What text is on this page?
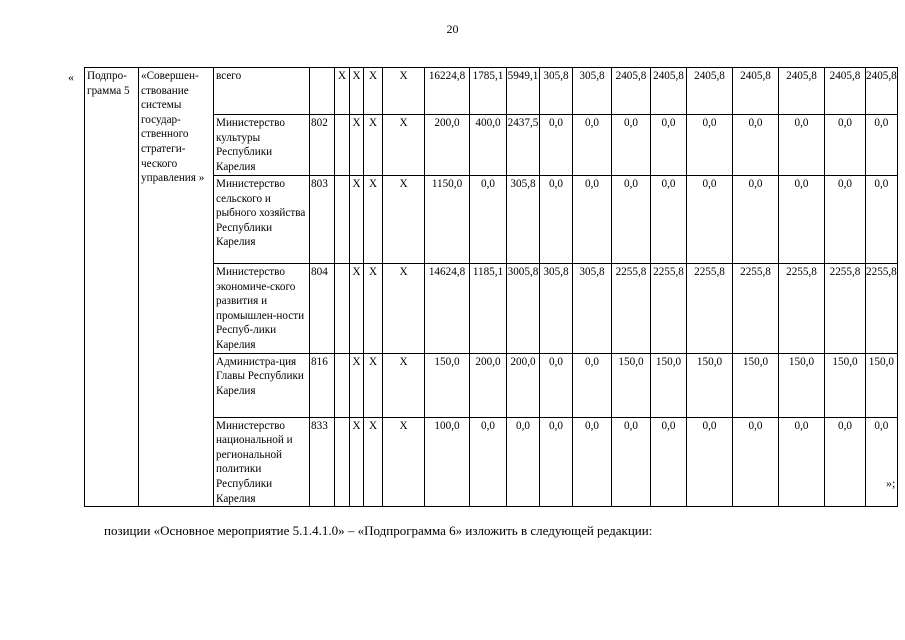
20
« Подпро-грамма 5	«Совершен-ствование системы государ-ственного стратеги-ческого управления »	всего		Х	Х	Х	Х	16224,8	1785,1	5949,1	305,8	305,8	2405,8	2405,8	2405,8	2405,8	2405,8	2405,8	2405,8
		Министерство культуры Республики Карелия	802		Х	Х	Х	200,0	400,0	2437,5	0,0	0,0	0,0	0,0	0,0	0,0	0,0	0,0	0,0
		Министерство сельского и рыбного хозяйства Республики Карелия	803		Х	Х	Х	1150,0	0,0	305,8	0,0	0,0	0,0	0,0	0,0	0,0	0,0	0,0	0,0
		Министерство экономиче-ского развития и промышлен-ности Респуб-лики Карелия	804		Х	Х	Х	14624,8	1185,1	3005,8	305,8	305,8	2255,8	2255,8	2255,8	2255,8	2255,8	2255,8	2255,8
		Администра-ция Главы Республики Карелия	816		Х	Х	Х	150,0	200,0	200,0	0,0	0,0	150,0	150,0	150,0	150,0	150,0	150,0	150,0
		Министерство национальной и региональной политики Республики Карелия	833		Х	Х	Х	100,0	0,0	0,0	0,0	0,0	0,0	0,0	0,0	0,0	0,0	0,0	0,0
»;
позиции «Основное мероприятие 5.1.4.1.0» – «Подпрограмма 6» изложить в следующей редакции:
